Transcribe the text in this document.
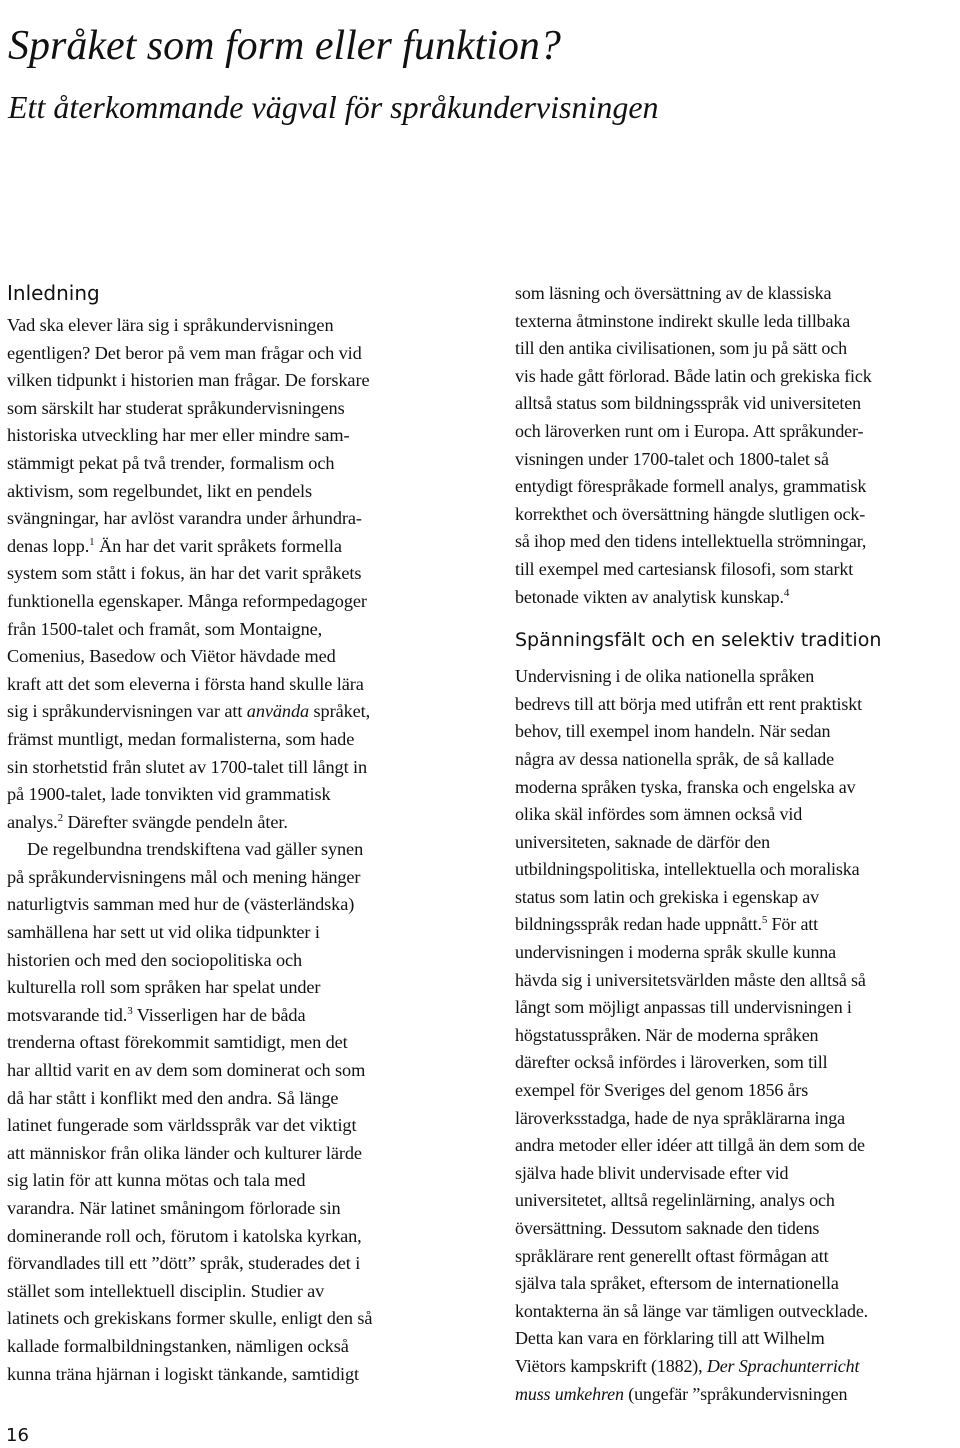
Språket som form eller funktion?
Ett återkommande vägval för språkundervisningen
Inledning
Vad ska elever lära sig i språkundervisningen
egentligen? Det beror på vem man frågar och vid
vilken tidpunkt i historien man frågar. De forskare
som särskilt har studerat språkundervisningens
historiska utveckling har mer eller mindre sam-
stämmigt pekat på två trender, formalism och
aktivism, som regelbundet, likt en pendels
svängningar, har avlöst varandra under århundra-
denas lopp.$^1$ Än har det varit språkets formella
system som stått i fokus, än har det varit språkets
funktionella egenskaper. Många reformpedagoger
från 1500-talet och framåt, som Montaigne,
Comenius, Basedow och Viëtor hävdade med
kraft att det som eleverna i första hand skulle lära
sig i språkundervisningen var att använda språket,
främst muntligt, medan formalisterna, som hade
sin storhetstid från slutet av 1700-talet till långt in
på 1900-talet, lade tonvikten vid grammatisk
analys.$^2$ Därefter svängde pendeln åter.
De regelbundna trendskiftena vad gäller synen
på språkundervisningens mål och mening hänger
naturligtvis samman med hur de (västerländska)
samhällena har sett ut vid olika tidpunkter i
historien och med den sociopolitiska och
kulturella roll som språken har spelat under
motsvarande tid.$^3$ Visserligen har de båda
trenderna oftast förekommit samtidigt, men det
har alltid varit en av dem som dominerat och som
då har stått i konflikt med den andra. Så länge
latinet fungerade som världsspråk var det viktigt
att människor från olika länder och kulturer lärde
sig latin för att kunna mötas och tala med
varandra. När latinet småningom förlorade sin
dominerande roll och, förutom i katolska kyrkan,
förvandlades till ett ”dött” språk, studerades det i
stället som intellektuell disciplin. Studier av
latinets och grekiskans former skulle, enligt den så
kallade formalbildningstanken, nämligen också
kunna träna hjärnan i logiskt tänkande, samtidigt
som läsning och översättning av de klassiska
texterna åtminstone indirekt skulle leda tillbaka
till den antika civilisationen, som ju på sätt och
vis hade gått förlorad. Både latin och grekiska fick
alltså status som bildningsspråk vid universiteten
och läroverken runt om i Europa. Att språkunder-
visningen under 1700-talet och 1800-talet så
entydigt förespråkade formell analys, grammatisk
korrekthet och översättning hängde slutligen ock-
så ihop med den tidens intellektuella strömningar,
till exempel med cartesiansk filosofi, som starkt
betonade vikten av analytisk kunskap.$^4$
Spänningsfält och en selektiv tradition
Undervisning i de olika nationella språken
bedrevs till att börja med utifrån ett rent praktiskt
behov, till exempel inom handeln. När sedan
några av dessa nationella språk, de så kallade
moderna språken tyska, franska och engelska av
olika skäl infördes som ämnen också vid
universiteten, saknade de därför den
utbildningspolitiska, intellektuella och moraliska
status som latin och grekiska i egenskap av
bildningsspråk redan hade uppnått.$^5$ För att
undervisningen i moderna språk skulle kunna
hävda sig i universitetsvärlden måste den alltså så
långt som möjligt anpassas till undervisningen i
högstatusspråken. När de moderna språken
därefter också infördes i läroverken, som till
exempel för Sveriges del genom 1856 års
läroverksstadga, hade de nya språklärarna inga
andra metoder eller idéer att tillgå än dem som de
själva hade blivit undervisade efter vid
universitetet, alltså regelinlärning, analys och
översättning. Dessutom saknade den tidens
språklärare rent generellt oftast förmågan att
själva tala språket, eftersom de internationella
kontakterna än så länge var tämligen outvecklade.
Detta kan vara en förklaring till att Wilhelm
Viëtors kampskrift (1882), Der Sprachunterricht
muss umkehren (ungefär ”språkundervisningen
16
